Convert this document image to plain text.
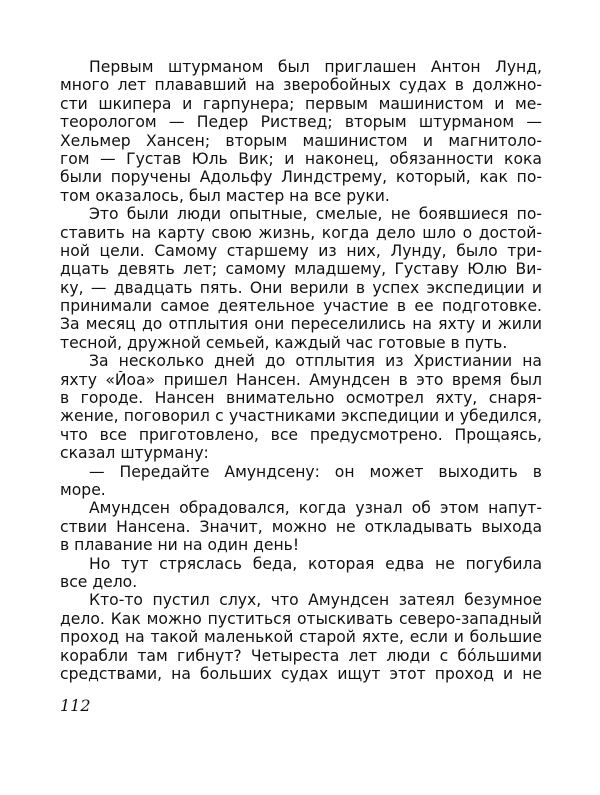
Первым штурманом был приглашен Антон Лунд,
много лет плававший на зверобойных судах в должно-
сти шкипера и гарпунера; первым машинистом и ме-
теорологом — Педер Риствед; вторым штурманом —
Хельмер Хансен; вторым машинистом и магнитоло-
гом — Густав Юль Вик; и наконец, обязанности кока
были поручены Адольфу Линдстрему, который, как по-
том оказалось, был мастер на все руки.
Это были люди опытные, смелые, не боявшиеся по-
ставить на карту свою жизнь, когда дело шло о достой-
ной цели. Самому старшему из них, Лунду, было три-
дцать девять лет; самому младшему, Густаву Юлю Ви-
ку, — двадцать пять. Они верили в успех экспедиции и
принимали самое деятельное участие в ее подготовке.
За месяц до отплытия они переселились на яхту и жили
тесной, дружной семьей, каждый час готовые в путь.
За несколько дней до отплытия из Христиании на
яхту «Йоа» пришел Нансен. Амундсен в это время был
в городе. Нансен внимательно осмотрел яхту, снаря-
жение, поговорил с участниками экспедиции и убедился,
что все приготовлено, все предусмотрено. Прощаясь,
сказал штурману:
— Передайте Амундсену: он может выходить в
море.
Амундсен обрадовался, когда узнал об этом напут-
ствии Нансена. Значит, можно не откладывать выхода
в плавание ни на один день!
Но тут стряслась беда, которая едва не погубила
все дело.
Кто-то пустил слух, что Амундсен затеял безумное
дело. Как можно пуститься отыскивать северо-западный
проход на такой маленькой старой яхте, если и большие
корабли там гибнут? Четыреста лет люди с бóльшими
средствами, на больших судах ищут этот проход и не
112
